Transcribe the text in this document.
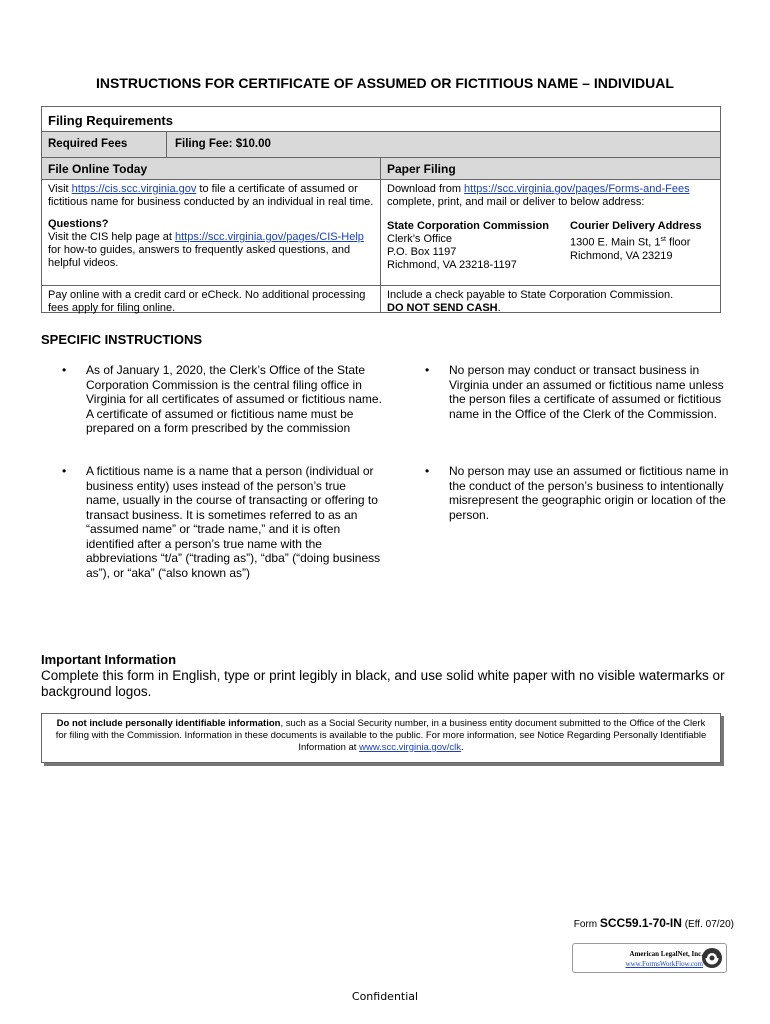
INSTRUCTIONS FOR CERTIFICATE OF ASSUMED OR FICTITIOUS NAME – INDIVIDUAL
Filing Requirements
Required Fees	Filing Fee: $10.00
File Online Today	Paper Filing
Visit https://cis.scc.virginia.gov to file a certificate of assumed or fictitious name for business conducted by an individual in real time.
Questions?
Visit the CIS help page at https://scc.virginia.gov/pages/CIS-Help for how-to guides, answers to frequently asked questions, and helpful videos.
Download from https://scc.virginia.gov/pages/Forms-and-Fees complete, print, and mail or deliver to below address:
State Corporation Commission
Clerk’s Office
P.O. Box 1197
Richmond, VA 23218-1197
Courier Delivery Address
1300 E. Main St, 1st floor
Richmond, VA 23219
Pay online with a credit card or eCheck. No additional processing fees apply for filing online.
Include a check payable to State Corporation Commission.
DO NOT SEND CASH.
SPECIFIC INSTRUCTIONS
• As of January 1, 2020, the Clerk’s Office of the State Corporation Commission is the central filing office in Virginia for all certificates of assumed or fictitious name. A certificate of assumed or fictitious name must be prepared on a form prescribed by the commission
• A fictitious name is a name that a person (individual or business entity) uses instead of the person’s true name, usually in the course of transacting or offering to transact business. It is sometimes referred to as an “assumed name” or “trade name,” and it is often identified after a person’s true name with the abbreviations “t/a” (“trading as”), “dba” (“doing business as”), or “aka” (“also known as”)
• No person may conduct or transact business in Virginia under an assumed or fictitious name unless the person files a certificate of assumed or fictitious name in the Office of the Clerk of the Commission.
• No person may use an assumed or fictitious name in the conduct of the person’s business to intentionally misrepresent the geographic origin or location of the person.
Important Information
Complete this form in English, type or print legibly in black, and use solid white paper with no visible watermarks or background logos.
Do not include personally identifiable information, such as a Social Security number, in a business entity document submitted to the Office of the Clerk for filing with the Commission. Information in these documents is available to the public. For more information, see Notice Regarding Personally Identifiable Information at www.scc.virginia.gov/clk.
Form SCC59.1-70-IN (Eff. 07/20)
American LegalNet, Inc.
www.FormsWorkFlow.com
Confidential
